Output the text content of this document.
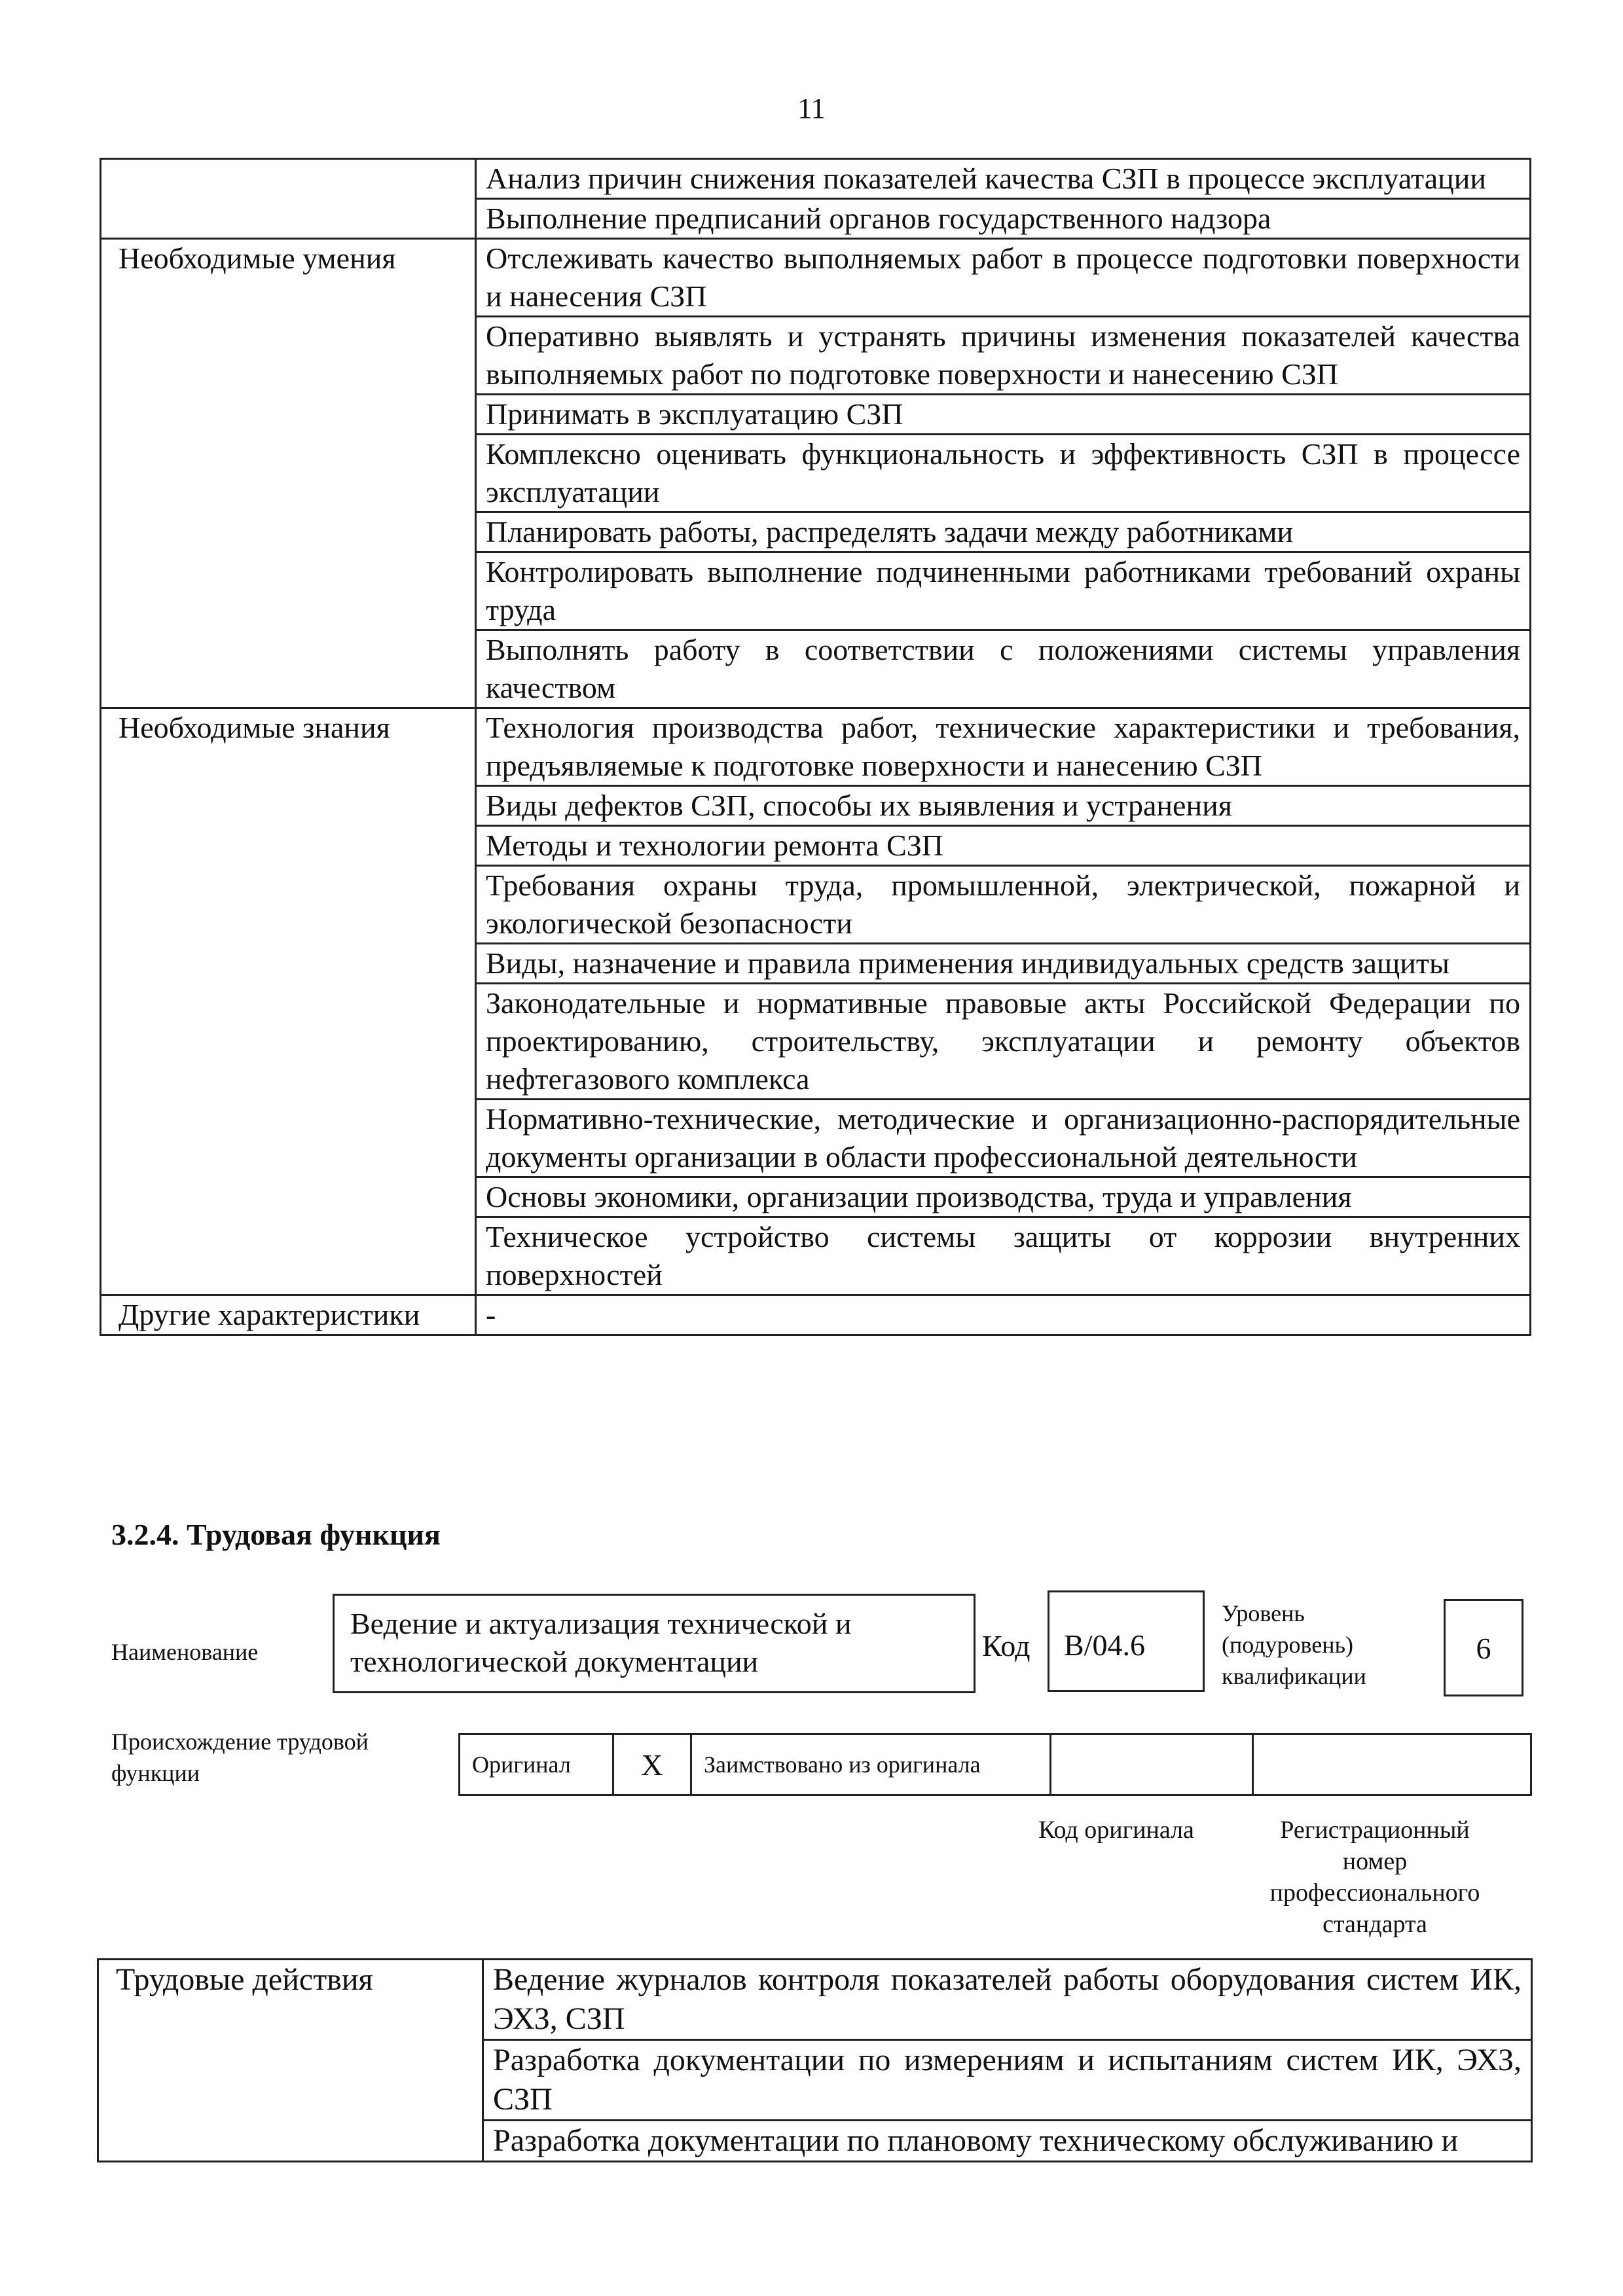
11
	Анализ причин снижения показателей качества СЗП в процессе эксплуатации
	Выполнение предписаний органов государственного надзора
Необходимые умения	Отслеживать качество выполняемых работ в процессе подготовки поверхности и нанесения СЗП
	Оперативно выявлять и устранять причины изменения показателей качества выполняемых работ по подготовке поверхности и нанесению СЗП
	Принимать в эксплуатацию СЗП
	Комплексно оценивать функциональность и эффективность СЗП в процессе эксплуатации
	Планировать работы, распределять задачи между работниками
	Контролировать выполнение подчиненными работниками требований охраны труда
	Выполнять работу в соответствии с положениями системы управления качеством
Необходимые знания	Технология производства работ, технические характеристики и требования, предъявляемые к подготовке поверхности и нанесению СЗП
	Виды дефектов СЗП, способы их выявления и устранения
	Методы и технологии ремонта СЗП
	Требования охраны труда, промышленной, электрической, пожарной и экологической безопасности
	Виды, назначение и правила применения индивидуальных средств защиты
	Законодательные и нормативные правовые акты Российской Федерации по проектированию, строительству, эксплуатации и ремонту объектов нефтегазового комплекса
	Нормативно-технические, методические и организационно-распорядительные документы организации в области профессиональной деятельности
	Основы экономики, организации производства, труда и управления
	Техническое устройство системы защиты от коррозии внутренних поверхностей
Другие характеристики	-
3.2.4. Трудовая функция
Наименование
Ведение и актуализация технической и технологической документации	Код B/04.6
Уровень (подуровень) квалификации
6
Происхождение трудовой функции	Оригинал	X	Заимствовано из оригинала

Код оригинала	Регистрационный номер профессионального стандарта
Трудовые действия	Ведение журналов контроля показателей работы оборудования систем ИК, ЭХЗ, СЗП
Разработка документации по измерениям и испытаниям систем ИК, ЭХЗ, СЗП
Разработка документации по плановому техническому обслуживанию и
